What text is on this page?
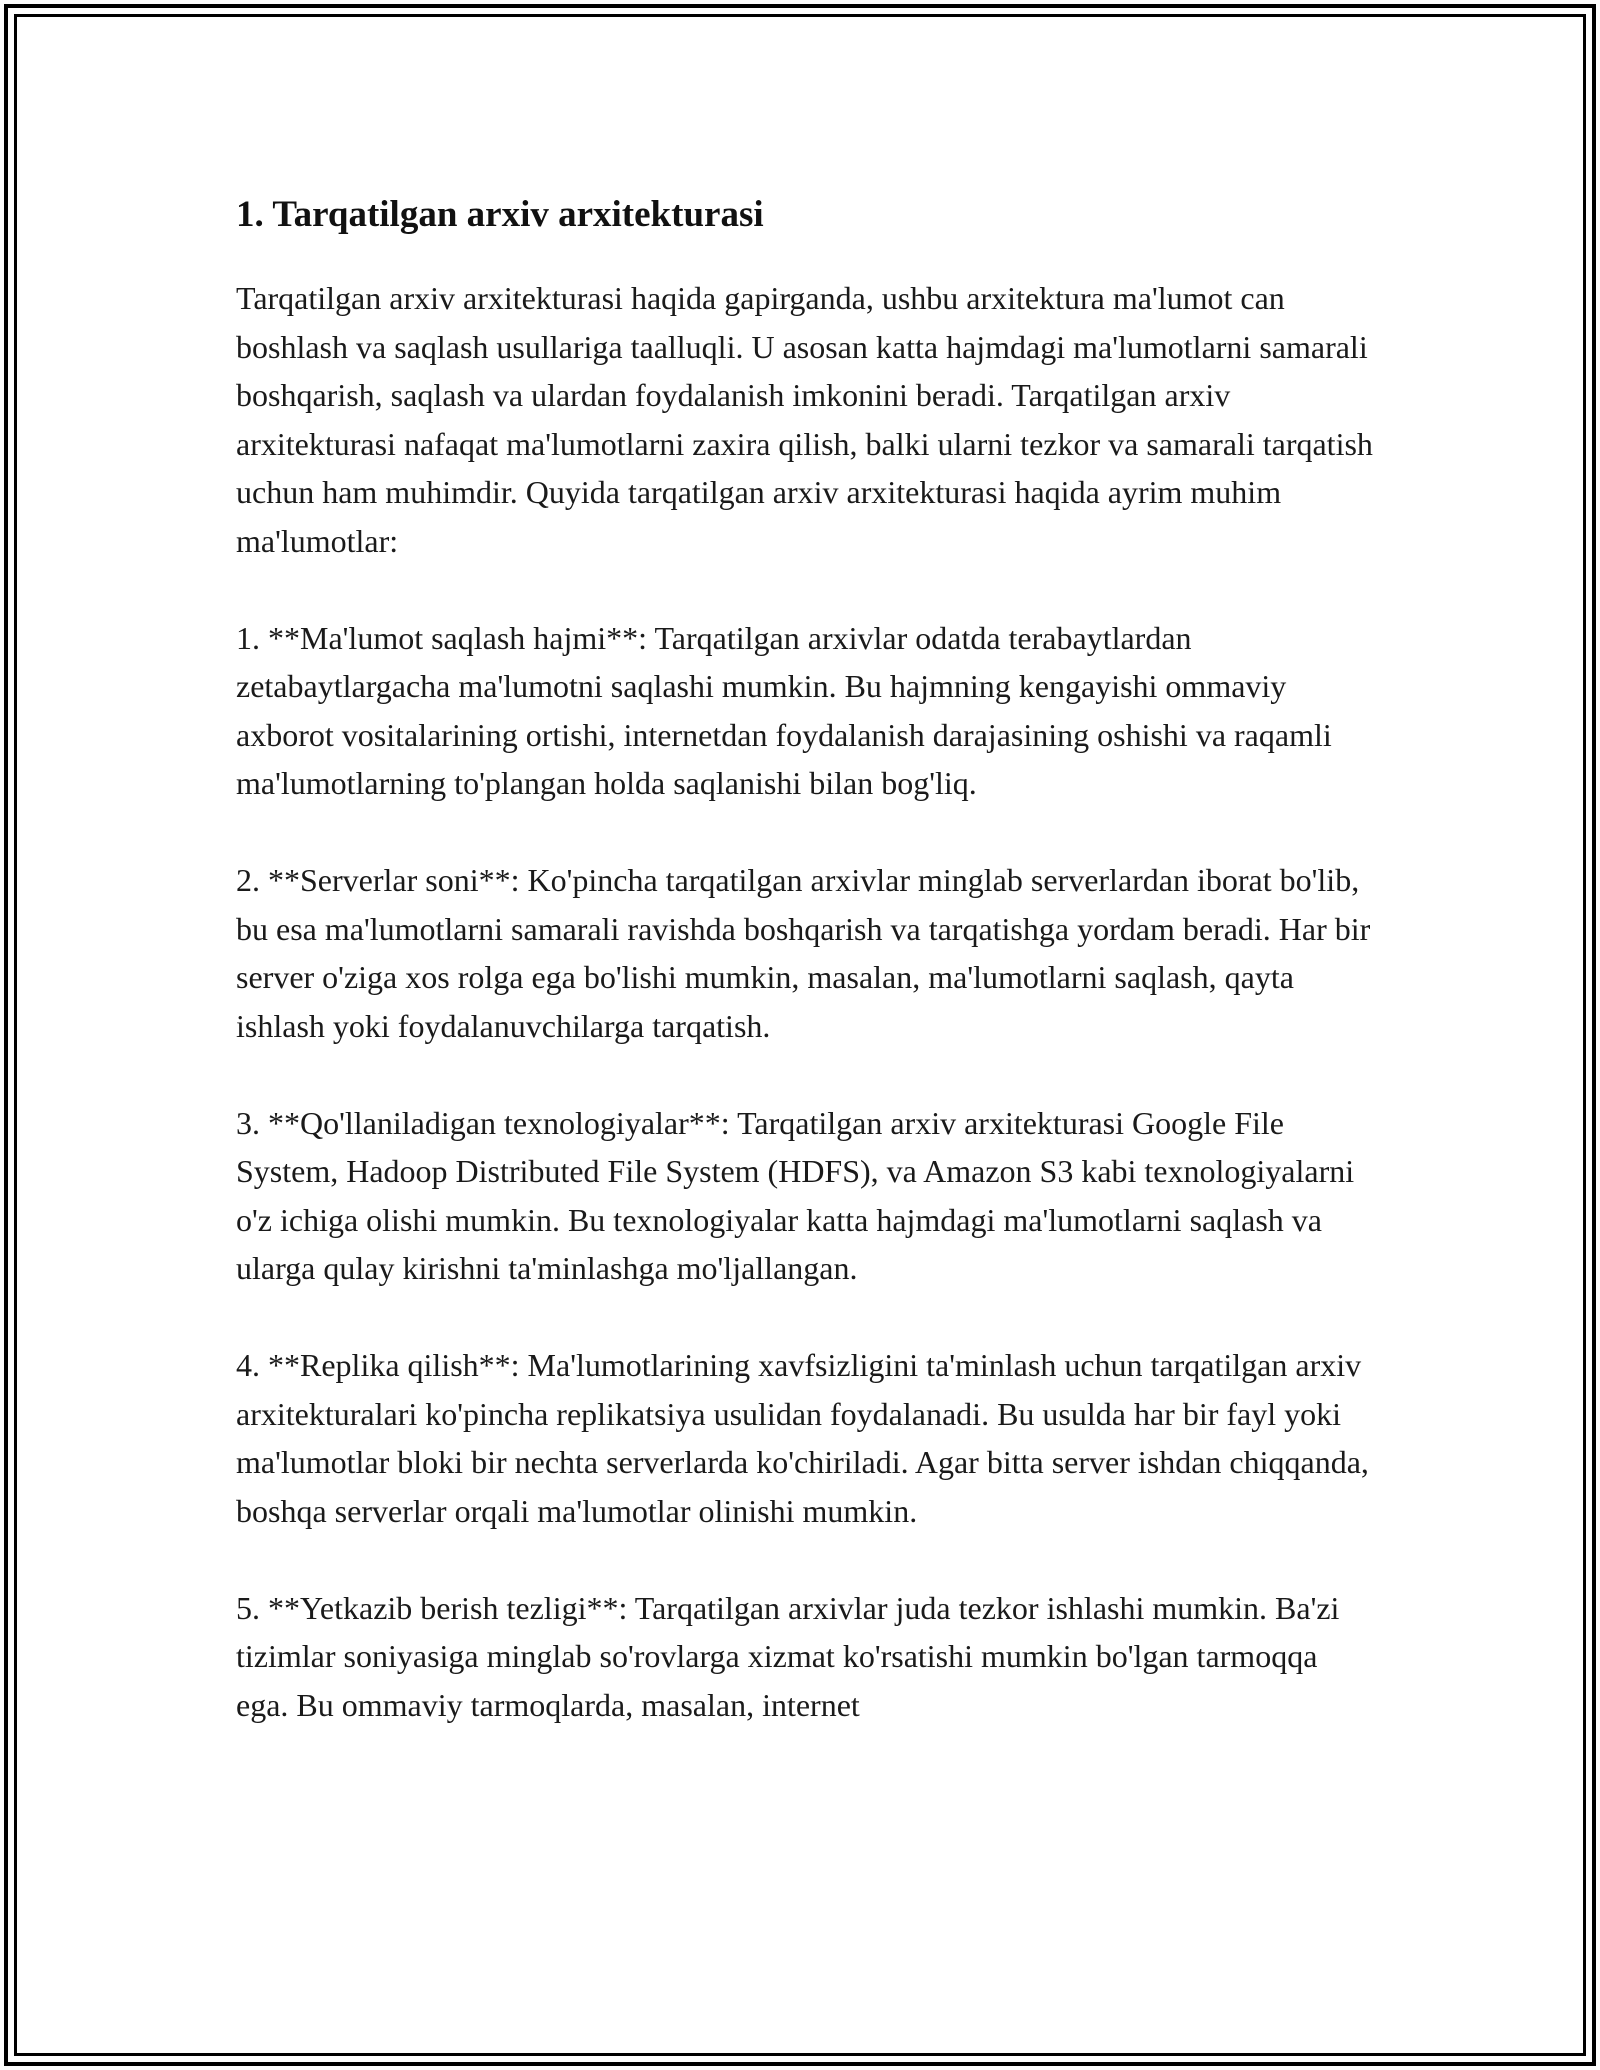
1. Tarqatilgan arxiv arxitekturasi

Tarqatilgan arxiv arxitekturasi haqida gapirganda, ushbu arxitektura ma'lumot can boshlash va saqlash usullariga taalluqli. U asosan katta hajmdagi ma'lumotlarni samarali boshqarish, saqlash va ulardan foydalanish imkonini beradi. Tarqatilgan arxiv arxitekturasi nafaqat ma'lumotlarni zaxira qilish, balki ularni tezkor va samarali tarqatish uchun ham muhimdir. Quyida tarqatilgan arxiv arxitekturasi haqida ayrim muhim ma'lumotlar:

1. **Ma'lumot saqlash hajmi**: Tarqatilgan arxivlar odatda terabaytlardan zetabaytlargacha ma'lumotni saqlashi mumkin. Bu hajmning kengayishi ommaviy axborot vositalarining ortishi, internetdan foydalanish darajasining oshishi va raqamli ma'lumotlarning to'plangan holda saqlanishi bilan bog'liq.

2. **Serverlar soni**: Ko'pincha tarqatilgan arxivlar minglab serverlardan iborat bo'lib, bu esa ma'lumotlarni samarali ravishda boshqarish va tarqatishga yordam beradi. Har bir server o'ziga xos rolga ega bo'lishi mumkin, masalan, ma'lumotlarni saqlash, qayta ishlash yoki foydalanuvchilarga tarqatish.

3. **Qo'llaniladigan texnologiyalar**: Tarqatilgan arxiv arxitekturasi Google File System, Hadoop Distributed File System (HDFS), va Amazon S3 kabi texnologiyalarni o'z ichiga olishi mumkin. Bu texnologiyalar katta hajmdagi ma'lumotlarni saqlash va ularga qulay kirishni ta'minlashga mo'ljallangan.

4. **Replika qilish**: Ma'lumotlarining xavfsizligini ta'minlash uchun tarqatilgan arxiv arxitekturalari ko'pincha replikatsiya usulidan foydalanadi. Bu usulda har bir fayl yoki ma'lumotlar bloki bir nechta serverlarda ko'chiriladi. Agar bitta server ishdan chiqqanda, boshqa serverlar orqali ma'lumotlar olinishi mumkin.

5. **Yetkazib berish tezligi**: Tarqatilgan arxivlar juda tezkor ishlashi mumkin. Ba'zi tizimlar soniyasiga minglab so'rovlarga xizmat ko'rsatishi mumkin bo'lgan tarmoqqa ega. Bu ommaviy tarmoqlarda, masalan, internet
